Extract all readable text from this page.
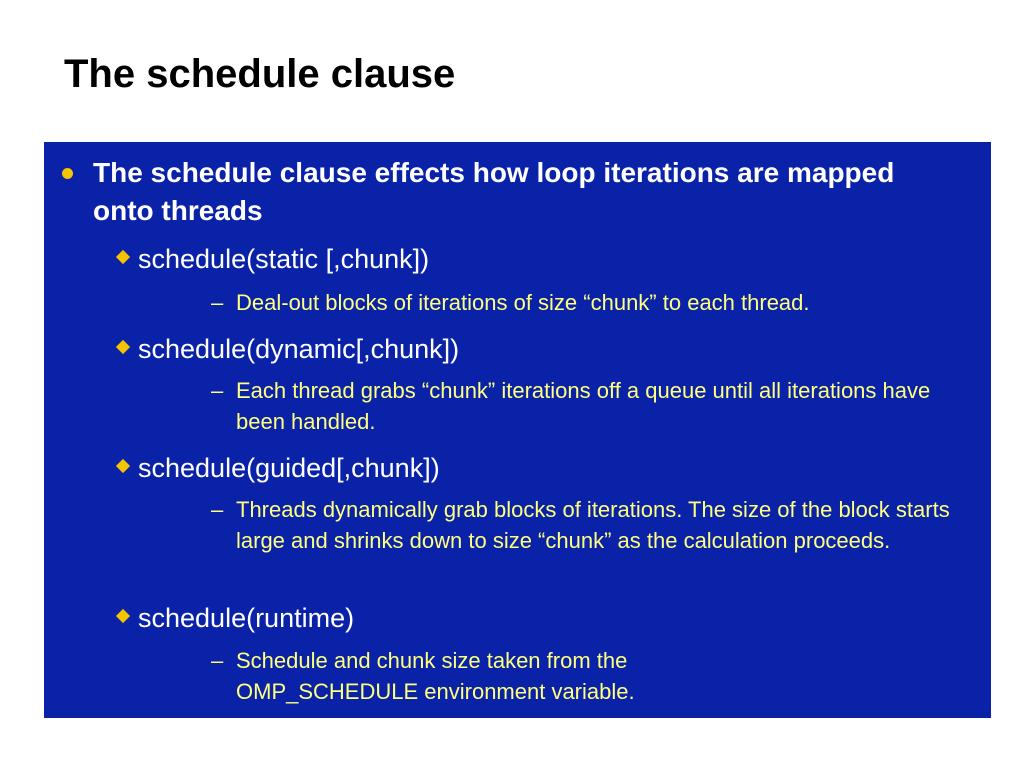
The schedule clause
The schedule clause effects how loop iterations are mapped onto threads
schedule(static [,chunk])
– Deal-out blocks of iterations of size “chunk” to each thread.
schedule(dynamic[,chunk])
– Each thread grabs “chunk” iterations off a queue until all iterations have been handled.
schedule(guided[,chunk])
– Threads dynamically grab blocks of iterations. The size of the block starts large and shrinks down to size “chunk” as the calculation proceeds.
schedule(runtime)
– Schedule and chunk size taken from the OMP_SCHEDULE environment variable.
